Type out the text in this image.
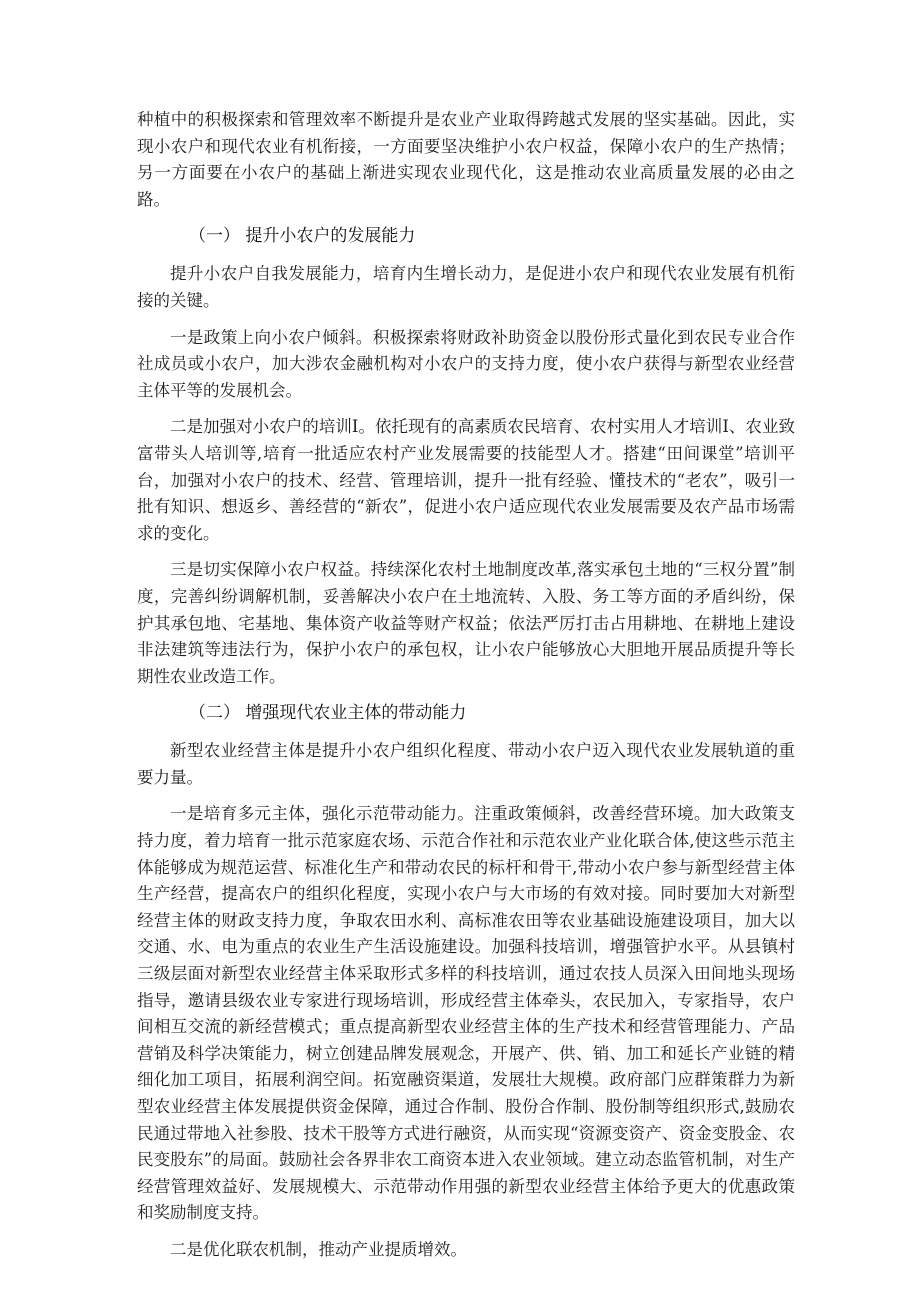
种植中的积极探索和管理效率不断提升是农业产业取得跨越式发展的坚实基础。因此，实现小农户和现代农业有机衔接，一方面要坚决维护小农户权益，保障小农户的生产热情；另一方面要在小农户的基础上渐进实现农业现代化，这是推动农业高质量发展的必由之路。

（一） 提升小农户的发展能力

提升小农户自我发展能力，培育内生增长动力，是促进小农户和现代农业发展有机衔接的关键。

一是政策上向小农户倾斜。积极探索将财政补助资金以股份形式量化到农民专业合作社成员或小农户，加大涉农金融机构对小农户的支持力度，使小农户获得与新型农业经营主体平等的发展机会。

二是加强对小农户的培训I。依托现有的高素质农民培育、农村实用人才培训I、农业致富带头人培训等,培育一批适应农村产业发展需要的技能型人才。搭建“田间课堂”培训平台，加强对小农户的技术、经营、管理培训，提升一批有经验、懂技术的“老农”，吸引一批有知识、想返乡、善经营的“新农”，促进小农户适应现代农业发展需要及农产品市场需求的变化。

三是切实保障小农户权益。持续深化农村土地制度改革,落实承包土地的“三权分置”制度，完善纠纷调解机制，妥善解决小农户在土地流转、入股、务工等方面的矛盾纠纷，保护其承包地、宅基地、集体资产收益等财产权益；依法严厉打击占用耕地、在耕地上建设非法建筑等违法行为，保护小农户的承包权，让小农户能够放心大胆地开展品质提升等长期性农业改造工作。

（二） 增强现代农业主体的带动能力

新型农业经营主体是提升小农户组织化程度、带动小农户迈入现代农业发展轨道的重要力量。

一是培育多元主体，强化示范带动能力。注重政策倾斜，改善经营环境。加大政策支持力度，着力培育一批示范家庭农场、示范合作社和示范农业产业化联合体,使这些示范主体能够成为规范运营、标准化生产和带动农民的标杆和骨干,带动小农户参与新型经营主体生产经营，提高农户的组织化程度，实现小农户与大市场的有效对接。同时要加大对新型经营主体的财政支持力度，争取农田水利、高标准农田等农业基础设施建设项目，加大以交通、水、电为重点的农业生产生活设施建设。加强科技培训，增强管护水平。从县镇村三级层面对新型农业经营主体采取形式多样的科技培训，通过农技人员深入田间地头现场指导，邀请县级农业专家进行现场培训，形成经营主体牵头，农民加入，专家指导，农户间相互交流的新经营模式；重点提高新型农业经营主体的生产技术和经营管理能力、产品营销及科学决策能力，树立创建品牌发展观念，开展产、供、销、加工和延长产业链的精细化加工项目，拓展利润空间。拓宽融资渠道，发展壮大规模。政府部门应群策群力为新型农业经营主体发展提供资金保障，通过合作制、股份合作制、股份制等组织形式,鼓励农民通过带地入社参股、技术干股等方式进行融资，从而实现“资源变资产、资金变股金、农民变股东”的局面。鼓励社会各界非农工商资本进入农业领域。建立动态监管机制，对生产经营管理效益好、发展规模大、示范带动作用强的新型农业经营主体给予更大的优惠政策和奖励制度支持。

二是优化联农机制，推动产业提质增效。
